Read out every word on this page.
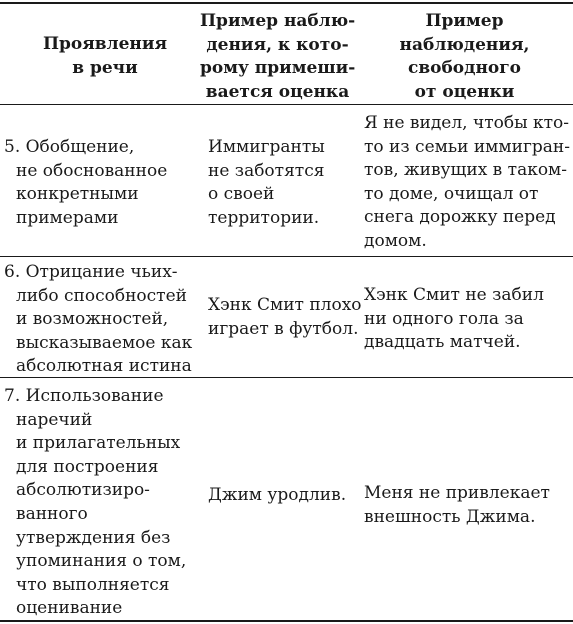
Проявления
в речи
Пример наблю-
дения, к кото-
рому примеши-
вается оценка
Пример
наблюдения,
свободного
от оценки
5. Обобщение,
не обоснованное
конкретными
примерами
Иммигранты
не заботятся
о своей
территории.
Я не видел, чтобы кто-
то из семьи иммигран-
тов, живущих в таком-
то доме, очищал от
снега дорожку перед
домом.
6. Отрицание чьих-
либо способностей
и возможностей,
высказываемое как
абсолютная истина
Хэнк Смит плохо
играет в футбол.
Хэнк Смит не забил
ни одного гола за
двадцать матчей.
7. Использование
наречий
и прилагательных
для построения
абсолютизиро-
ванного
утверждения без
упоминания о том,
что выполняется
оценивание
Джим уродлив. Меня не привлекает
внешность Джима.
